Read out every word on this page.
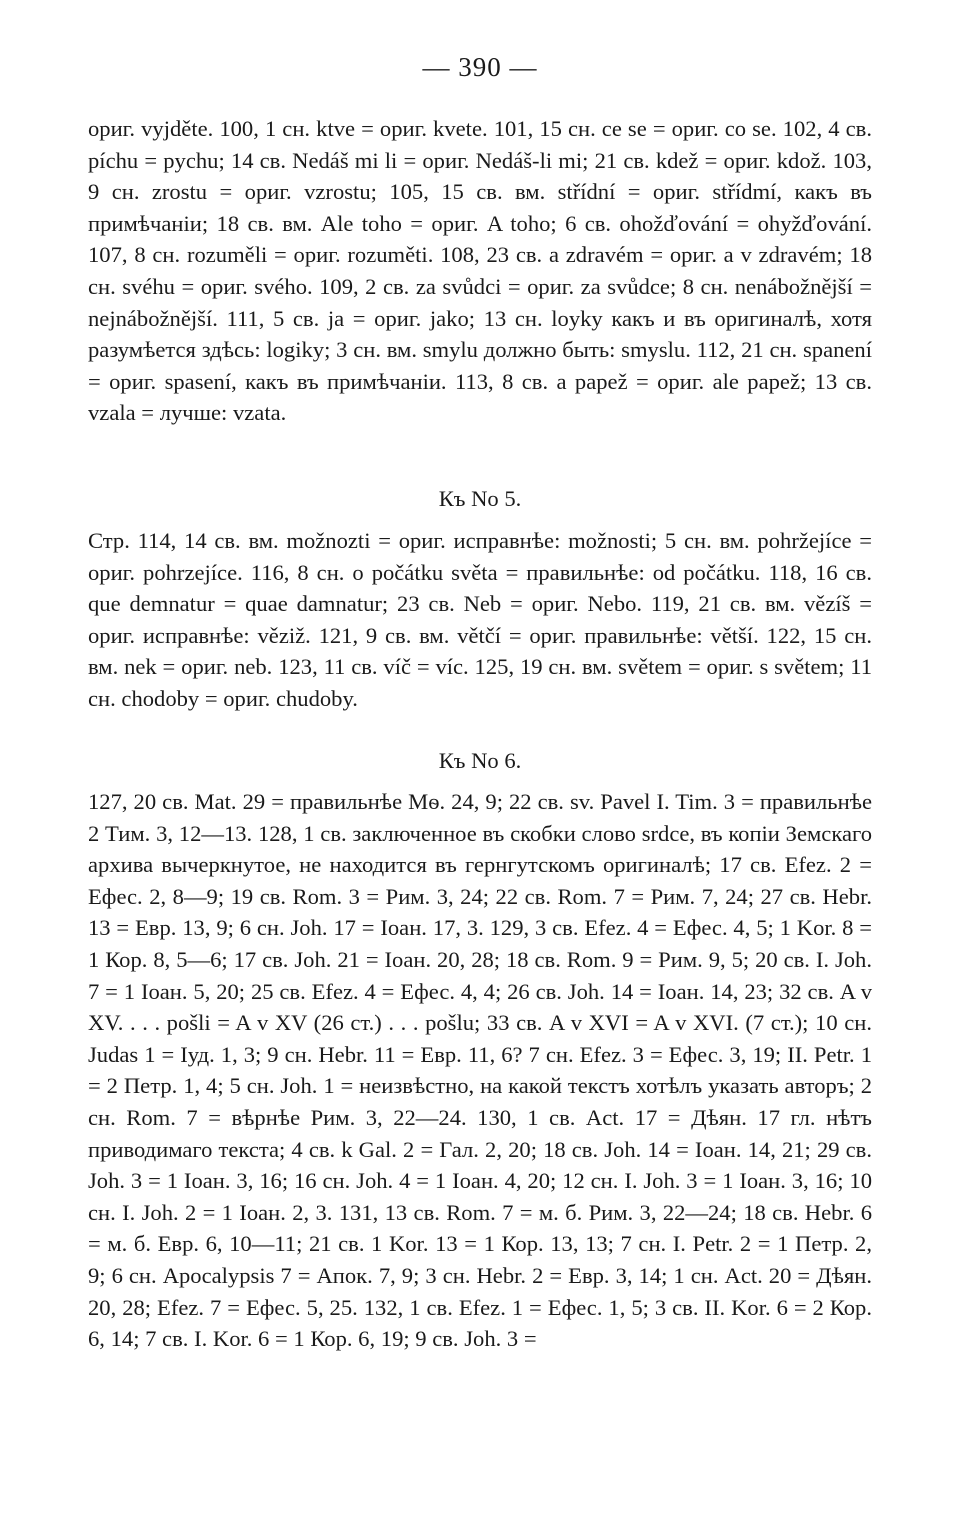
— 390 —

ориг. vyjděte. 100, 1 сн. ktve = ориг. kvete. 101, 15 сн. ce se = ориг. co se. 102, 4 св. píchu = pychu; 14 св. Nedáš mi li = ориг. Nedáš-li mi; 21 св. kdež = ориг. kdož. 103, 9 сн. zrostu = ориг. vzrostu; 105, 15 св. вм. střídní = ориг. střídmí, какъ въ примѣчаніи; 18 св. вм. Ale toho = ориг. A toho; 6 св. ohožďování = ohyžďování. 107, 8 сн. rozuměli = ориг. rozuměti. 108, 23 св. a zdravém = ориг. a v zdravém; 18 сн. svéhu = ориг. svého. 109, 2 св. za svůdci = ориг. za svůdce; 8 сн. nenábožnější = nejnábožnější. 111, 5 св. ja = ориг. jako; 13 сн. loyky какъ и въ оригиналѣ, хотя разумѣется здѣсь: logiky; 3 сн. вм. smylu должно быть: smyslu. 112, 21 сн. spanení = ориг. spasení, какъ въ примѣчаніи. 113, 8 св. a papež = ориг. ale papež; 13 св. vzala = лучше: vzata.

Къ No 5.

Стр. 114, 14 св. вм. možnozti = ориг. исправнѣе: možnosti; 5 сн. вм. pohržejíce = ориг. pohrzejíce. 116, 8 сн. o počátku světa = правильнѣе: od počátku. 118, 16 св. que demnatur = quae damnatur; 23 св. Neb = ориг. Nebo. 119, 21 св. вм. vězíš = ориг. исправнѣе: věziž. 121, 9 св. вм. větčí = ориг. правильнѣе: větší. 122, 15 сн. вм. nek = ориг. neb. 123, 11 св. víč = víc. 125, 19 сн. вм. světem = ориг. s světem; 11 сн. chodoby = ориг. chudoby.

Къ No 6.

127, 20 св. Mat. 29 = правильнѣе Мѳ. 24, 9; 22 св. sv. Pavel I. Tim. 3 = правильнѣе 2 Тим. 3, 12—13. 128, 1 св. заключенное въ скобки слово srdce, въ копіи Земскаго архива вычеркнутое, не находится въ гернгутскомъ оригиналѣ; 17 св. Efez. 2 = Ефес. 2, 8—9; 19 св. Rom. 3 = Рим. 3, 24; 22 св. Rom. 7 = Рим. 7, 24; 27 св. Hebr. 13 = Евр. 13, 9; 6 сн. Joh. 17 = Іоан. 17, 3. 129, 3 св. Efez. 4 = Ефес. 4, 5; 1 Kor. 8 = 1 Кор. 8, 5—6; 17 св. Joh. 21 = Іоан. 20, 28; 18 св. Rom. 9 = Рим. 9, 5; 20 св. I. Joh. 7 = 1 Іоан. 5, 20; 25 св. Efez. 4 = Ефес. 4, 4; 26 св. Joh. 14 = Іоан. 14, 23; 32 св. A v XV. . . . pošli = A v XV (26 ст.) . . . pošlu; 33 св. A v XVI = A v XVI. (7 ст.); 10 сн. Judas 1 = Іуд. 1, 3; 9 сн. Hebr. 11 = Евр. 11, 6? 7 сн. Efez. 3 = Ефес. 3, 19; II. Petr. 1 = 2 Петр. 1, 4; 5 сн. Joh. 1 = неизвѣстно, на какой текстъ хотѣлъ указать авторъ; 2 сн. Rom. 7 = вѣрнѣе Рим. 3, 22—24. 130, 1 св. Act. 17 = Дѣян. 17 гл. нѣтъ приводимаго текста; 4 св. k Gal. 2 = Гал. 2, 20; 18 св. Joh. 14 = Іоан. 14, 21; 29 св. Joh. 3 = 1 Іоан. 3, 16; 16 сн. Joh. 4 = 1 Іоан. 4, 20; 12 сн. I. Joh. 3 = 1 Іоан. 3, 16; 10 сн. I. Joh. 2 = 1 Іоан. 2, 3. 131, 13 св. Rom. 7 = м. б. Рим. 3, 22—24; 18 св. Hebr. 6 = м. б. Евр. 6, 10—11; 21 св. 1 Kor. 13 = 1 Кор. 13, 13; 7 сн. I. Petr. 2 = 1 Петр. 2, 9; 6 сн. Apocalypsis 7 = Апок. 7, 9; 3 сн. Hebr. 2 = Евр. 3, 14; 1 сн. Act. 20 = Дѣян. 20, 28; Efez. 7 = Ефес. 5, 25. 132, 1 св. Efez. 1 = Ефес. 1, 5; 3 св. II. Kor. 6 = 2 Кор. 6, 14; 7 св. I. Kor. 6 = 1 Кор. 6, 19; 9 св. Joh. 3 =
